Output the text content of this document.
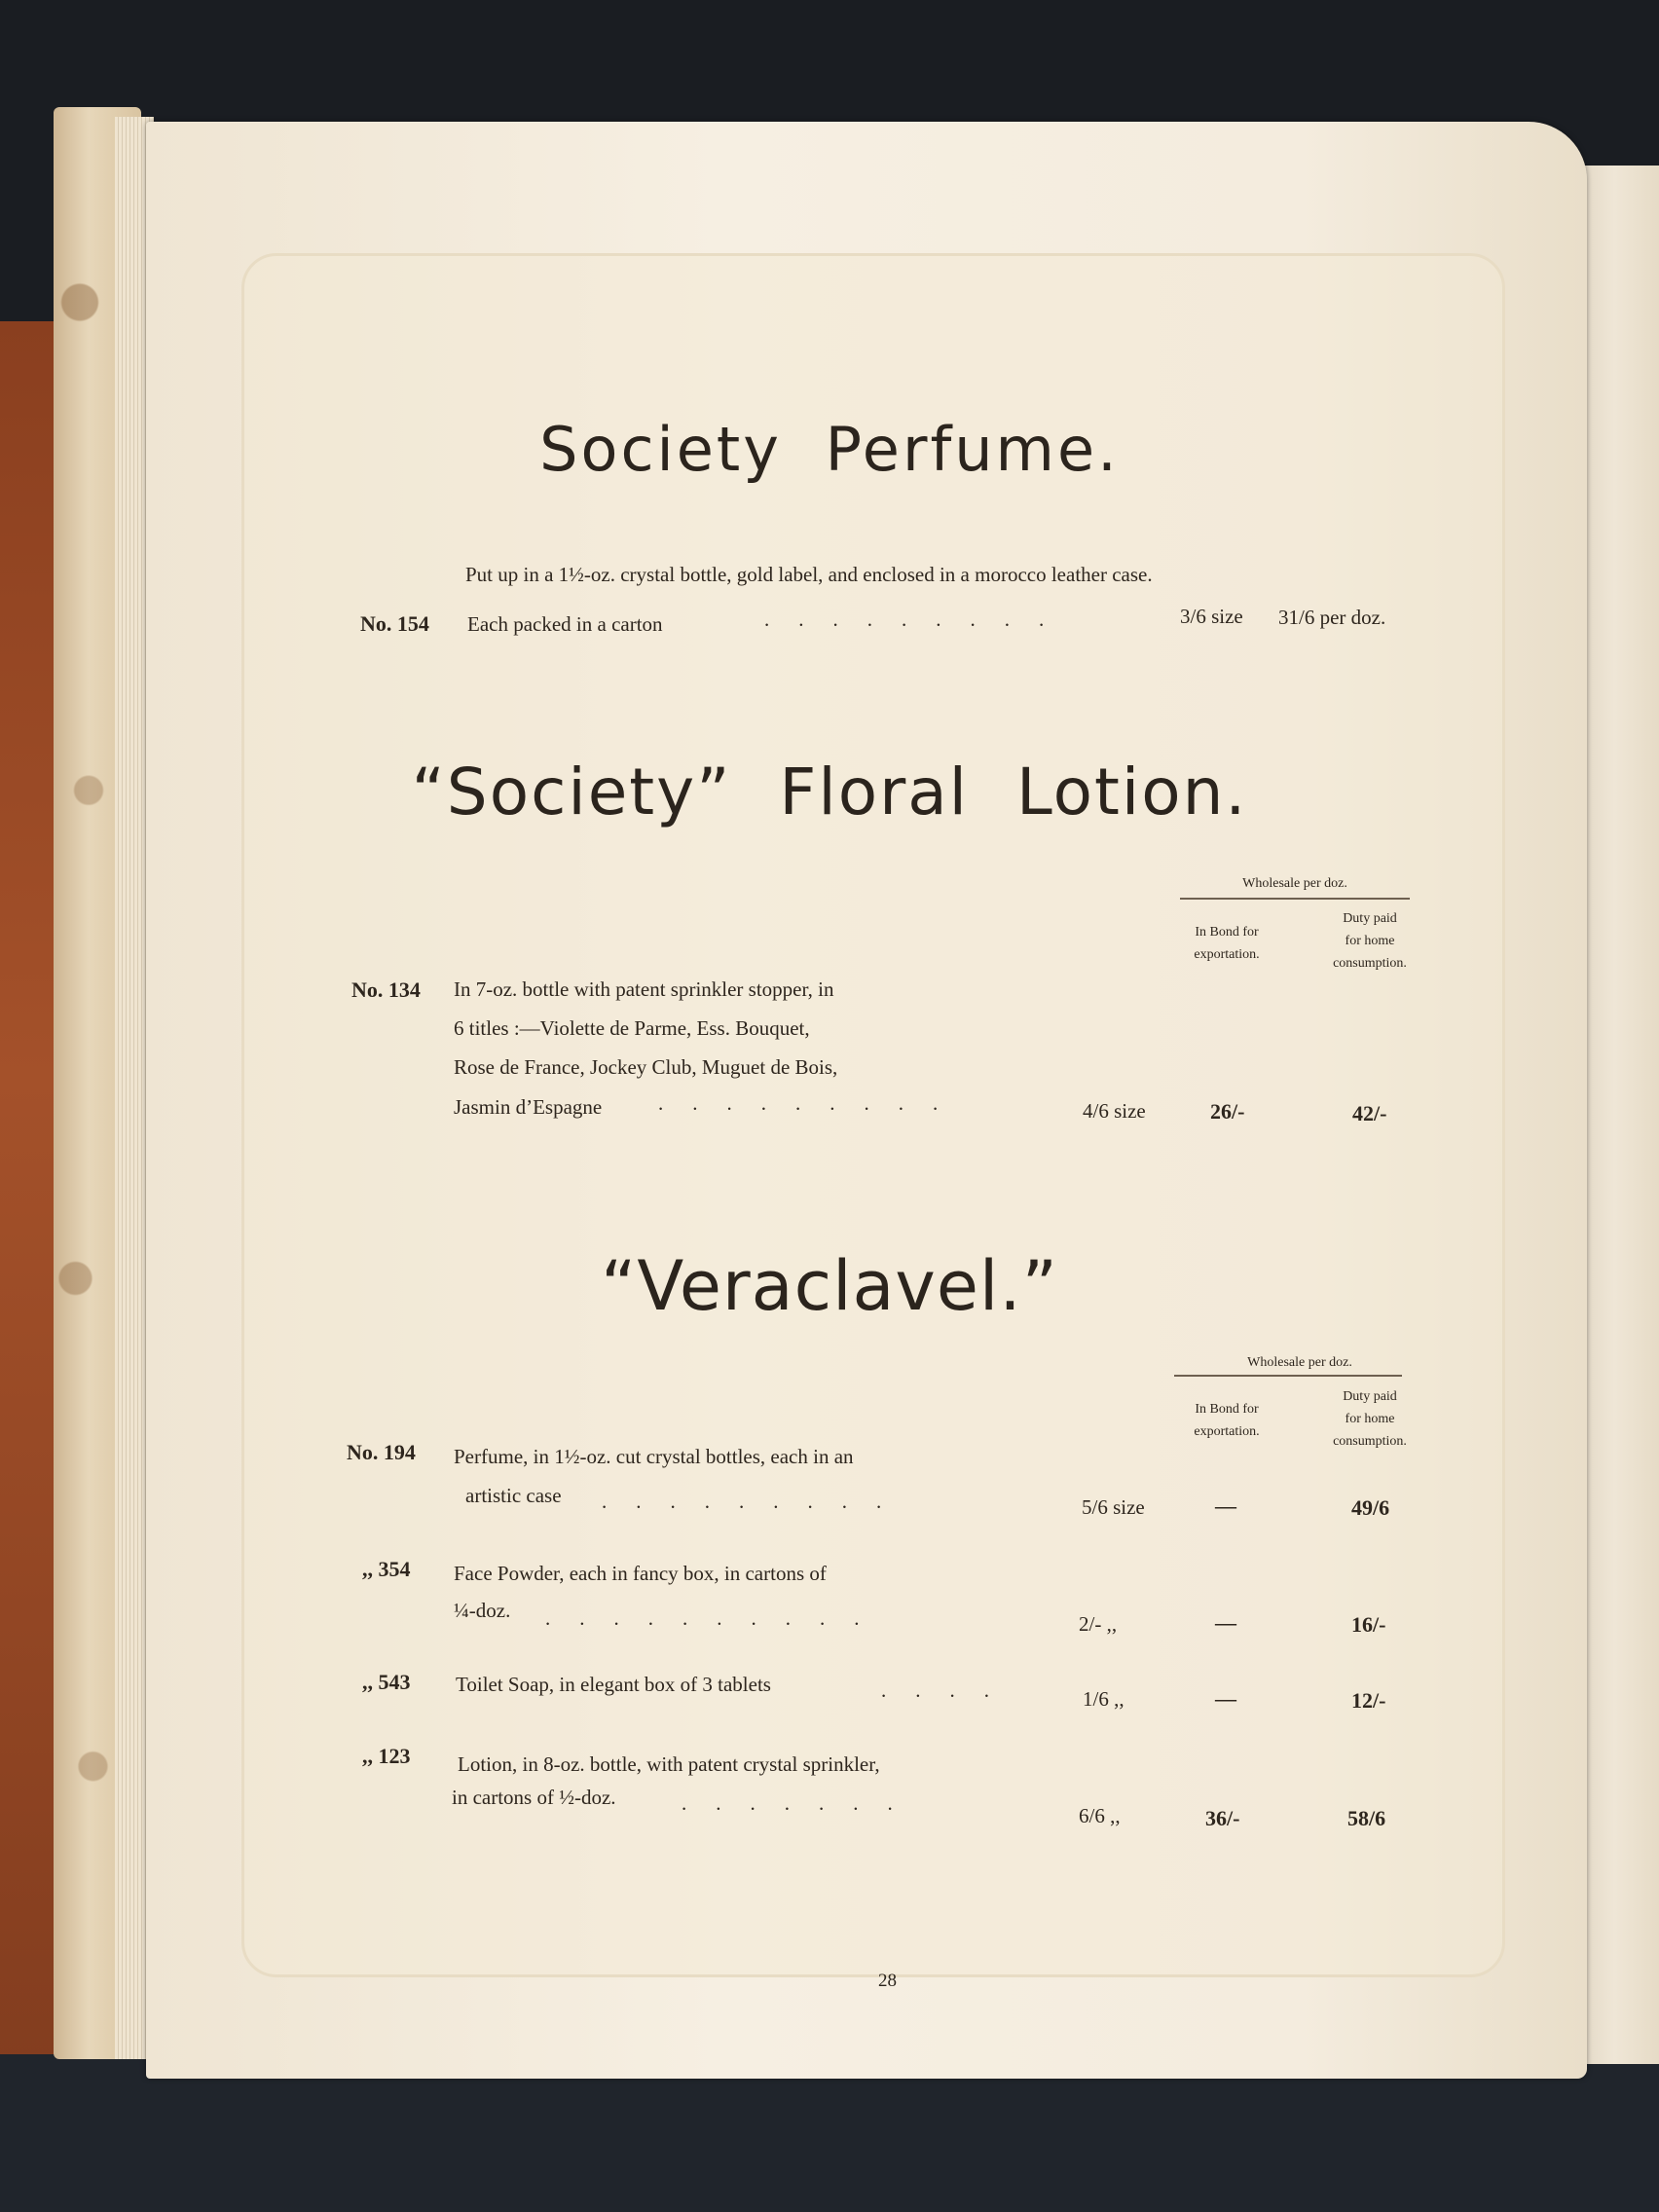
Society Perfume.
Put up in a 1½-oz. crystal bottle, gold label, and enclosed in a morocco leather case.
No. 154 Each packed in a carton	.........	3/6 size 31/6 per doz.
“Society” Floral Lotion.
Wholesale per doz.
In Bond for
exportation.
Duty paid
for home
consumption.
No. 134 In 7-oz. bottle with patent sprinkler stopper, in
6 titles :—Violette de Parme, Ess. Bouquet,
Rose de France, Jockey Club, Muguet de Bois,
Jasmin d’Espagne	.........	4/6 size	26/-	42/-
“Veraclavel.”
Wholesale per doz.
In Bond for
exportation.
Duty paid
for home
consumption.
No. 194 Perfume, in 1½-oz. cut crystal bottles, each in an
artistic case .........	5/6 size	—	49/6
,, 354 Face Powder, each in fancy box, in cartons of
¼-doz. ..........	2/- ,,	—	16/-
,, 543 Toilet Soap, in elegant box of 3 tablets	....	1/6 ,,	—	12/-
,, 123 Lotion, in 8-oz. bottle, with patent crystal sprinkler,
in cartons of ½-doz.	.......
6/6 ,,	36/-	58/6
28
